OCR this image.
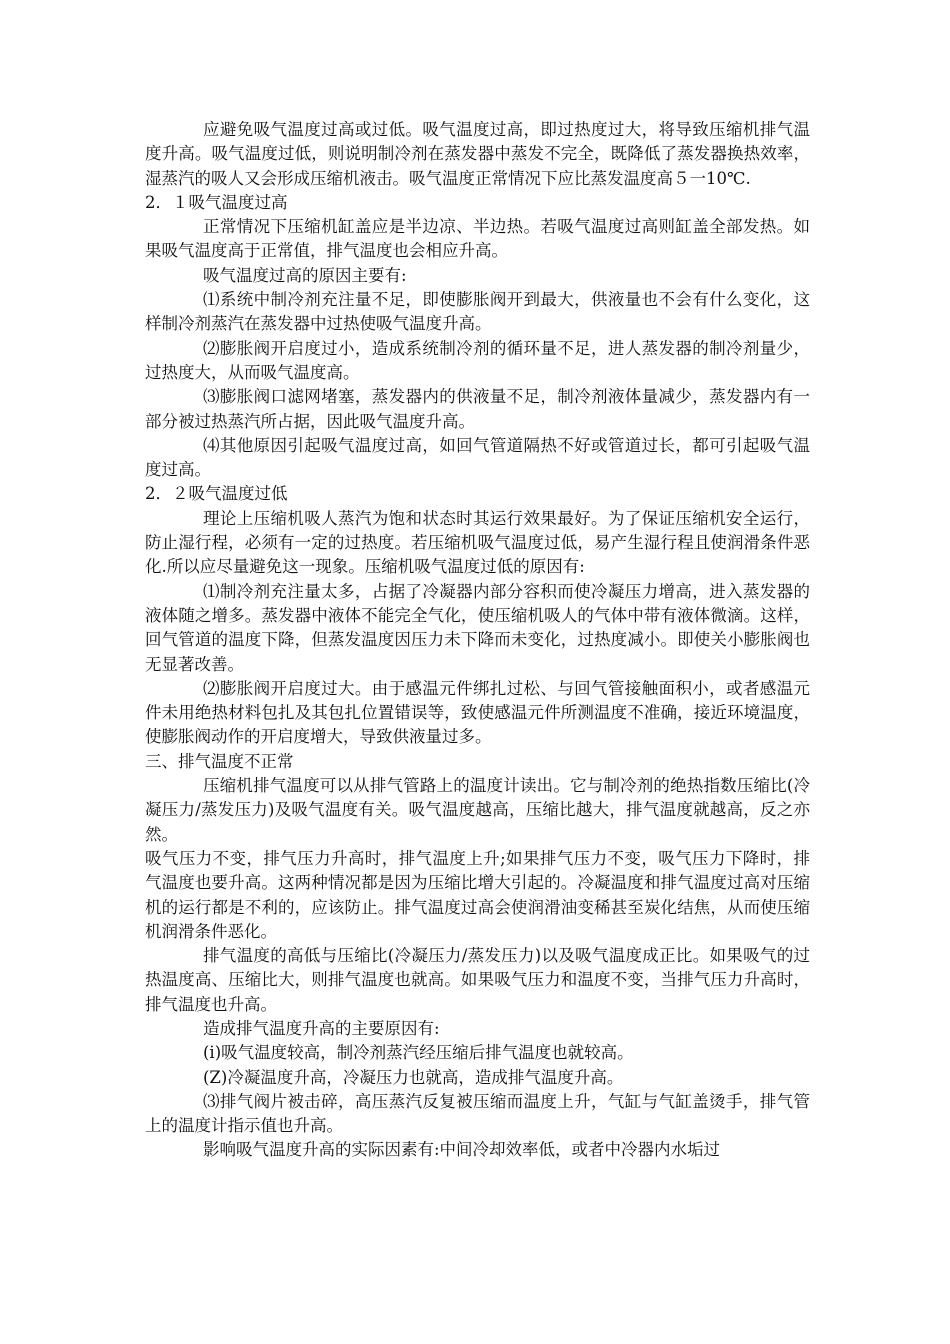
应避免吸气温度过高或过低。吸气温度过高，即过热度过大，将导致压缩机排气温度升高。吸气温度过低，则说明制冷剂在蒸发器中蒸发不完全，既降低了蒸发器换热效率，湿蒸汽的吸人又会形成压缩机液击。吸气温度正常情况下应比蒸发温度高５一10℃.

2．１吸气温度过高

正常情况下压缩机缸盖应是半边凉、半边热。若吸气温度过高则缸盖全部发热。如果吸气温度高于正常值，排气温度也会相应升高。

吸气温度过高的原因主要有:

⑴系统中制冷剂充注量不足，即使膨胀阀开到最大，供液量也不会有什么变化，这样制冷剂蒸汽在蒸发器中过热使吸气温度升高。

⑵膨胀阀开启度过小，造成系统制冷剂的循环量不足，进人蒸发器的制冷剂量少，过热度大，从而吸气温度高。

⑶膨胀阀口滤网堵塞，蒸发器内的供液量不足，制冷剂液体量减少，蒸发器内有一部分被过热蒸汽所占据，因此吸气温度升高。

⑷其他原因引起吸气温度过高，如回气管道隔热不好或管道过长，都可引起吸气温度过高。

2．２吸气温度过低

理论上压缩机吸人蒸汽为饱和状态时其运行效果最好。为了保证压缩机安全运行，防止湿行程，必须有一定的过热度。若压缩机吸气温度过低，易产生湿行程且使润滑条件恶化.所以应尽量避免这一现象。压缩机吸气温度过低的原因有:

⑴制冷剂充注量太多，占据了冷凝器内部分容积而使冷凝压力增高，进入蒸发器的液体随之增多。蒸发器中液体不能完全气化，使压缩机吸人的气体中带有液体微滴。这样，回气管道的温度下降，但蒸发温度因压力未下降而未变化，过热度减小。即使关小膨胀阀也无显著改善。

⑵膨胀阀开启度过大。由于感温元件绑扎过松、与回气管接触面积小，或者感温元件未用绝热材料包扎及其包扎位置错误等，致使感温元件所测温度不准确，接近环境温度，使膨胀阀动作的开启度增大，导致供液量过多。

三、排气温度不正常

压缩机排气温度可以从排气管路上的温度计读出。它与制冷剂的绝热指数压缩比(冷凝压力/蒸发压力)及吸气温度有关。吸气温度越高，压缩比越大，排气温度就越高，反之亦然。

吸气压力不变，排气压力升高时，排气温度上升;如果排气压力不变，吸气压力下降时，排气温度也要升高。这两种情况都是因为压缩比增大引起的。冷凝温度和排气温度过高对压缩机的运行都是不利的，应该防止。排气温度过高会使润滑油变稀甚至炭化结焦，从而使压缩机润滑条件恶化。

排气温度的高低与压缩比(冷凝压力/蒸发压力)以及吸气温度成正比。如果吸气的过热温度高、压缩比大，则排气温度也就高。如果吸气压力和温度不变，当排气压力升高时，排气温度也升高。

造成排气温度升高的主要原因有:

(i)吸气温度较高，制冷剂蒸汽经压缩后排气温度也就较高。

(Z)冷凝温度升高，冷凝压力也就高，造成排气温度升高。

⑶排气阀片被击碎，高压蒸汽反复被压缩而温度上升，气缸与气缸盖烫手，排气管上的温度计指示值也升高。

影响吸气温度升高的实际因素有:中间冷却效率低，或者中冷器内水垢过
